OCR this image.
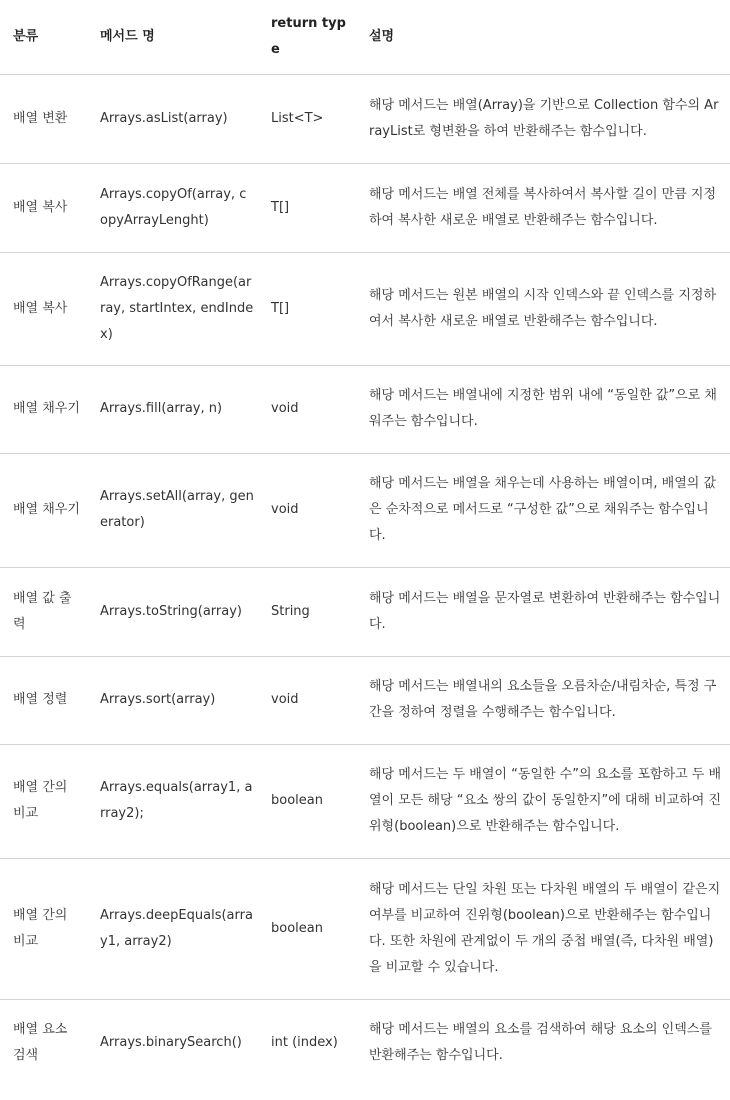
분류	메서드 명	return type	설명
배열 변환	Arrays.asList(array)	List<T>	해당 메서드는 배열(Array)을 기반으로 Collection 함수의 ArrayList로 형변환을 하여 반환해주는 함수입니다.
배열 복사	Arrays.copyOf(array, copyArrayLenght)	T[]	해당 메서드는 배열 전체를 복사하여서 복사할 길이 만큼 지정하여 복사한 새로운 배열로 반환해주는 함수입니다.
배열 복사	Arrays.copyOfRange(array, startIntex, endIndex)	T[]	해당 메서드는 원본 배열의 시작 인덱스와 끝 인덱스를 지정하여서 복사한 새로운 배열로 반환해주는 함수입니다.
배열 채우기	Arrays.fill(array, n)	void	해당 메서드는 배열내에 지정한 범위 내에 “동일한 값”으로 채워주는 함수입니다.
배열 채우기	Arrays.setAll(array, generator)	void	해당 메서드는 배열을 채우는데 사용하는 배열이며, 배열의 값은 순차적으로 메서드로 “구성한 값”으로 채워주는 함수입니다.
배열 값 출력	Arrays.toString(array)	String	해당 메서드는 배열을 문자열로 변환하여 반환해주는 함수입니다.
배열 정렬	Arrays.sort(array)	void	해당 메서드는 배열내의 요소들을 오름차순/내림차순, 특정 구간을 정하여 정렬을 수행해주는 함수입니다.
배열 간의 비교	Arrays.equals(array1, array2);	boolean	해당 메서드는 두 배열이 “동일한 수”의 요소를 포함하고 두 배열이 모든 해당 “요소 쌍의 값이 동일한지”에 대해 비교하여 진위형(boolean)으로 반환해주는 함수입니다.
배열 간의 비교	Arrays.deepEquals(array1, array2)	boolean	해당 메서드는 단일 차원 또는 다차원 배열의 두 배열이 같은지 여부를 비교하여 진위형(boolean)으로 반환해주는 함수입니다. 또한 차원에 관계없이 두 개의 중첩 배열(즉, 다차원 배열)을 비교할 수 있습니다.
배열 요소 검색	Arrays.binarySearch()	int (index)	해당 메서드는 배열의 요소를 검색하여 해당 요소의 인덱스를 반환해주는 함수입니다.
